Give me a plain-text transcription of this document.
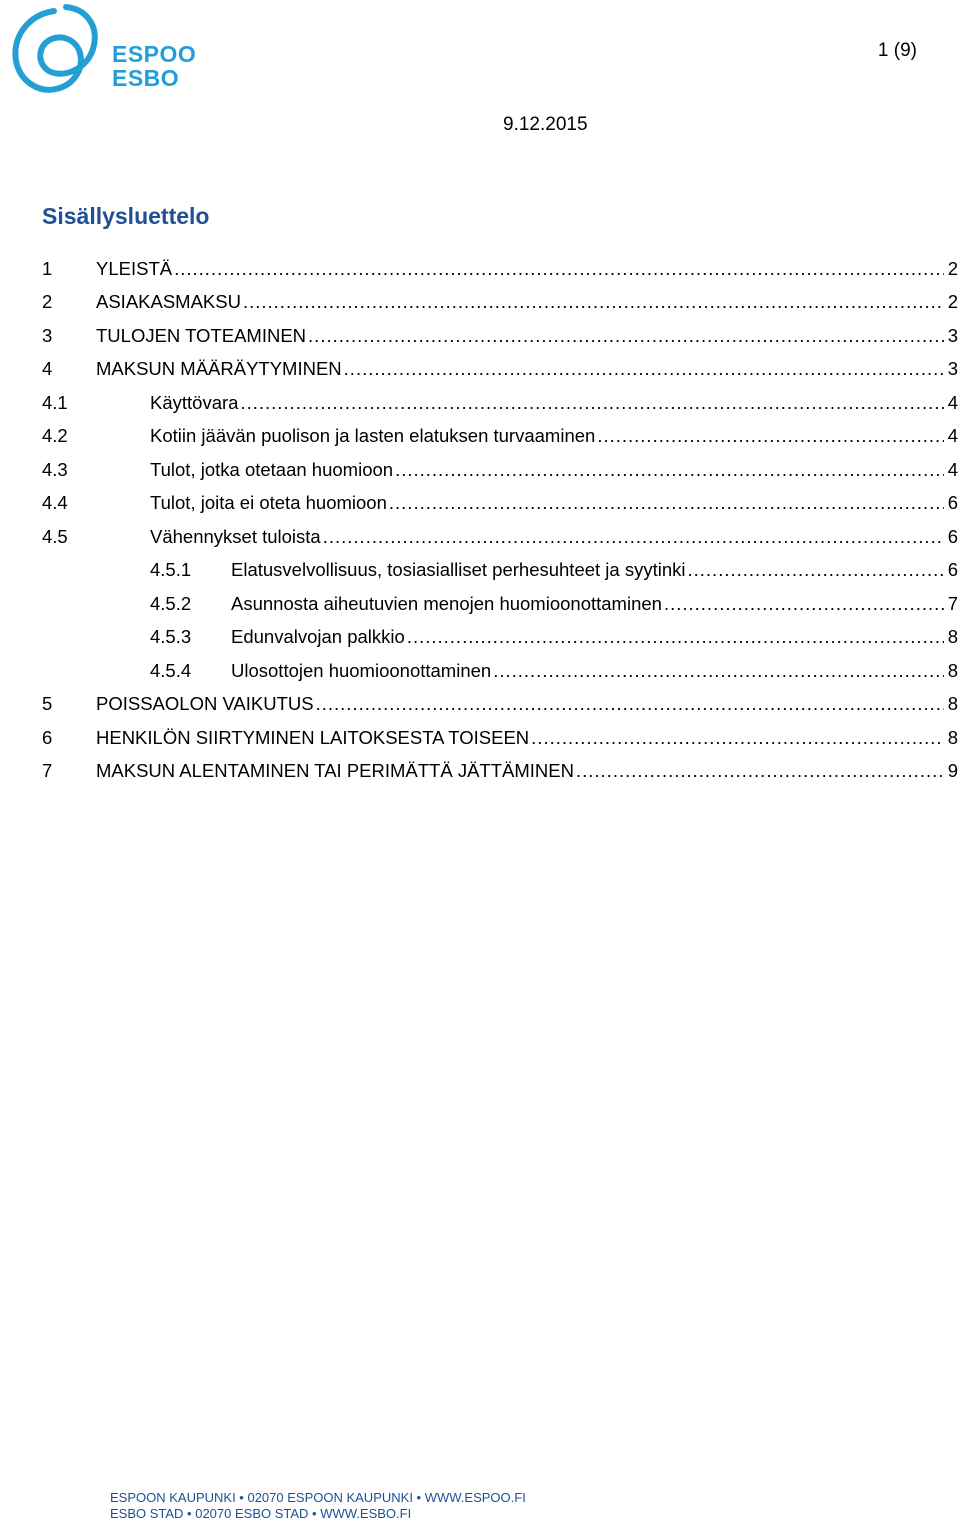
ESPOO
ESBO
1 (9)
9.12.2015
Sisällysluettelo
1 YLEISTÄ .....	2
2 ASIAKASMAKSU .....	2
3 TULOJEN TOTEAMINEN .....	3
4 MAKSUN MÄÄRÄYTYMINEN .....	3
4.1	Käyttövara .....	4
4.2	Kotiin jäävän puolison ja lasten elatuksen turvaaminen .....	4
4.3	Tulot, jotka otetaan huomioon .....	4
4.4	Tulot, joita ei oteta huomioon .....	6
4.5	Vähennykset tuloista .....	6
4.5.1 Elatusvelvollisuus, tosiasialliset perhesuhteet ja syytinki .....	6
4.5.2 Asunnosta aiheutuvien menojen huomioonottaminen .....	7
4.5.3 Edunvalvojan palkkio .....	8
4.5.4 Ulosottojen huomioonottaminen .....	8
5 POISSAOLON VAIKUTUS .....	8
6 HENKILÖN SIIRTYMINEN LAITOKSESTA TOISEEN .....	8
7 MAKSUN ALENTAMINEN TAI PERIMÄTTÄ JÄTTÄMINEN .....	9
ESPOON KAUPUNKI • 02070 ESPOON KAUPUNKI • WWW.ESPOO.FI
ESBO STAD • 02070 ESBO STAD • WWW.ESBO.FI
